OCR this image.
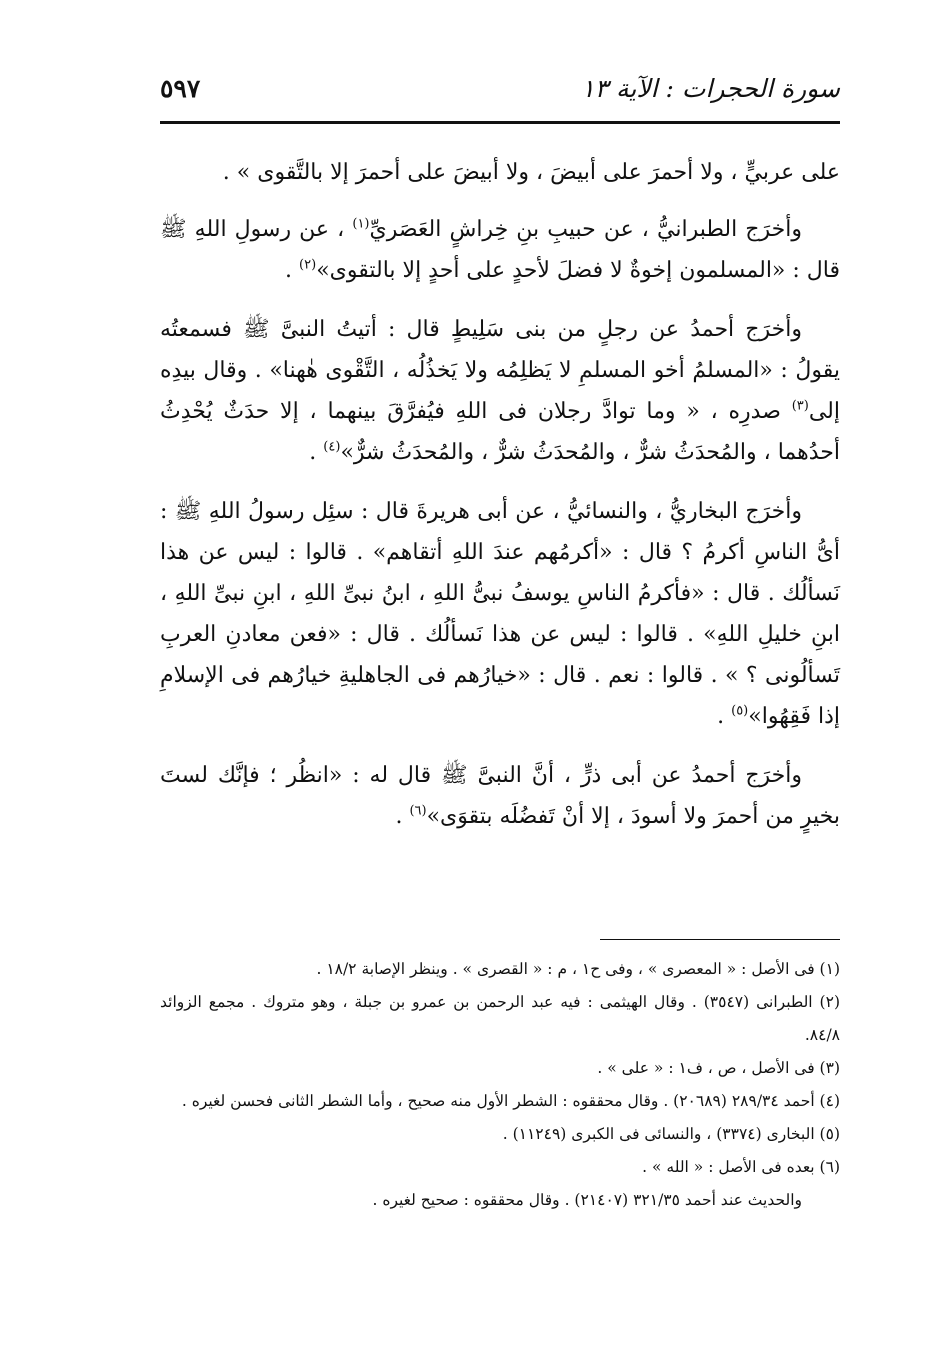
سورة الحجرات : الآية ١٣
٥٩٧

على عربيٍّ ، ولا أحمرَ على أبيضَ ، ولا أبيضَ على أحمرَ إلا بالتَّقوى » .

وأخرَج الطبرانيُّ ، عن حبيبِ بنِ خِراشٍ العَصَريِّ$^{(١)}$ ، عن رسولِ اللهِ ﷺ قال : «المسلمون إخوةٌ لا فضلَ لأحدٍ على أحدٍ إلا بالتقوى»$^{(٢)}$ .

وأخرَج أحمدُ عن رجلٍ من بنى سَلِيطٍ قال : أتيتُ النبىَّ ﷺ فسمعتُه يقولُ : «المسلمُ أخو المسلمِ لا يَظلِمُه ولا يَخذُلُه ، التَّقْوى هٰهنا» . وقال بيدِه إلى$^{(٣)}$ صدرِه ، « وما توادَّ رجلان فى اللهِ فيُفرَّقَ بينهما ، إلا حدَثٌ يُحْدِثُ أحدُهما ، والمُحدَثُ شرٌّ ، والمُحدَثُ شرٌّ ، والمُحدَثُ شرٌّ»$^{(٤)}$ .

وأخرَج البخاريُّ ، والنسائيُّ ، عن أبى هريرةَ قال : سئِل رسولُ اللهِ ﷺ : أىُّ الناسِ أكرمُ ؟ قال : «أكرمُهم عندَ اللهِ أتقاهم» . قالوا : ليس عن هذا نَسألُك . قال : «فأكرمُ الناسِ يوسفُ نبىُّ اللهِ ، ابنُ نبىِّ اللهِ ، ابنِ نبىِّ اللهِ ، ابنِ خليلِ اللهِ» . قالوا : ليس عن هذا نَسألُك . قال : «فعن معادنِ العربِ تَسألُونى ؟ » . قالوا : نعم . قال : «خيارُهم فى الجاهليةِ خيارُهم فى الإسلامِ إذا فَقِهُوا»$^{(٥)}$ .

وأخرَج أحمدُ عن أبى ذرٍّ ، أنَّ النبىَّ ﷺ قال له : «انظُر ؛ فإنَّك لستَ بخيرٍ من أحمرَ ولا أسودَ ، إلا أنْ تَفضُلَه بتقوَى»$^{(٦)}$ .

(١) فى الأصل : « المعصرى » ، وفى ح١ ، م : « القصرى » . وينظر الإصابة ١٨/٢ .

(٢) الطبرانى (٣٥٤٧) . وقال الهيثمى : فيه عبد الرحمن بن عمرو بن جبلة ، وهو متروك . مجمع الزوائد ٨٤/٨.

(٣) فى الأصل ، ص ، ف١ : « على » .

(٤) أحمد ٢٨٩/٣٤ (٢٠٦٨٩) . وقال محققوه : الشطر الأول منه صحيح ، وأما الشطر الثانى فحسن لغيره .

(٥) البخارى (٣٣٧٤) ، والنسائى فى الكبرى (١١٢٤٩) .

(٦) بعده فى الأصل : « الله » .

والحديث عند أحمد ٣٢١/٣٥ (٢١٤٠٧) . وقال محققوه : صحيح لغيره .
